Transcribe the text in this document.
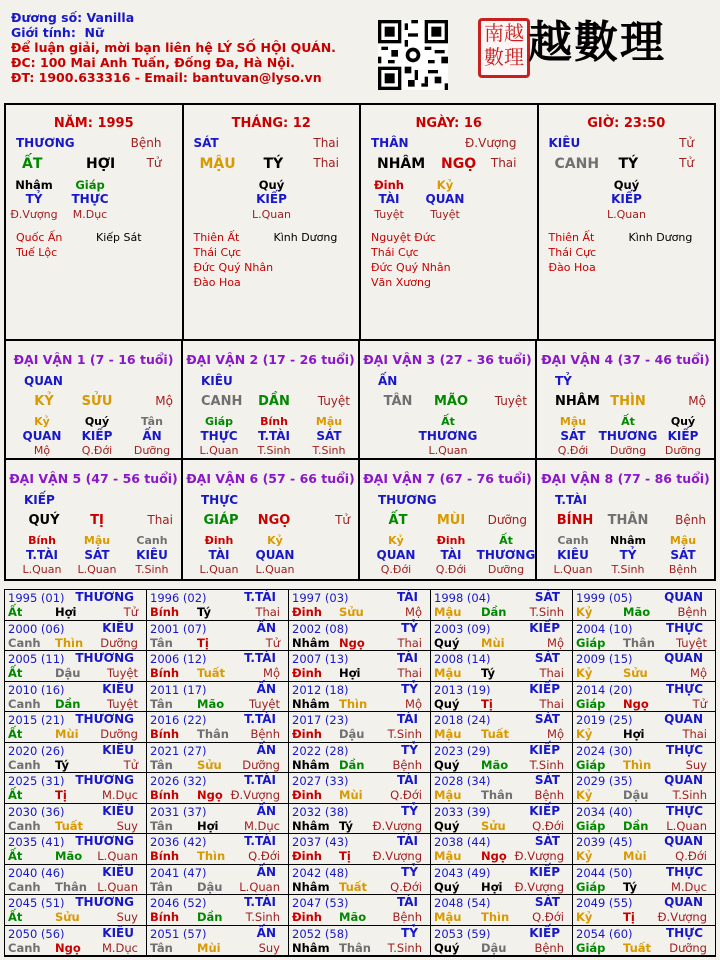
Đương số: Vanilla
Giới tính: Nữ
Để luận giải, mời bạn liên hệ LÝ SỐ HỘI QUÁN.
ĐC: 100 Mai Anh Tuấn, Đống Đa, Hà Nội.
ĐT: 1900.633316 - Email: bantuvan@lyso.vn
南越
數理 越數理
NĂM: 1995
THƯƠNG	Bệnh
ẤT	HỢI	Tử
Nhâm
TỶ
Đ.Vượng
Giáp
THỰC
M.Dục
Quốc Ấn	Kiếp Sát
Tuế Lộc
THÁNG: 12
SÁT	Thai
MẬU TÝ	Thai
Quý
KIẾP
L.Quan
Thiên Ất	Kình Dương
Thái Cực
Đức Quý Nhân
Đào Hoa
NGÀY: 16
THÂN	Đ.Vượng
NHÂM NGỌ Thai
Đinh
TÀI
Tuyệt
Kỷ
QUAN
Tuyệt
Nguyệt Đức
Thái Cực
Đức Quý Nhân
Văn Xương
GIỜ: 23:50
KIÊU	Tử
CANH TÝ	Tử
Quý
KIẾP
L.Quan
Thiên Ất	Kình Dương
Thái Cực
Đào Hoa
ĐẠI VẬN 1 (7 - 16 tuổi)
QUAN
KỶ	SỬU	Mộ
Kỷ
QUAN
Mộ
Quý
KIẾP
Q.Đới
Tân
ẤN
Dưỡng
ĐẠI VẬN 2 (17 - 26 tuổi)
KIÊU
CANH	DẦN	Tuyệt
Giáp
THỰC
L.Quan
Bính
T.TÀI
T.Sinh
Mậu
SÁT
T.Sinh
ĐẠI VẬN 3 (27 - 36 tuổi)
ẤN
TÂN	MÃO	Tuyệt
Ất
THƯƠNG
L.Quan
ĐẠI VẬN 4 (37 - 46 tuổi)
TỶ
NHÂM THÌN	Mộ
Mậu
SÁT
Q.Đới
Ất
THƯƠNG
Dưỡng
Quý
KIẾP
Dưỡng
ĐẠI VẬN 5 (47 - 56 tuổi)
KIẾP
QUÝ	TỊ	Thai
Bính
T.TÀI
L.Quan
Mậu
SÁT
L.Quan
Canh
KIÊU
T.Sinh
ĐẠI VẬN 6 (57 - 66 tuổi)
THỰC
GIÁP	NGỌ	Tử
Đinh
TÀI
L.Quan
Kỷ
QUAN
L.Quan
ĐẠI VẬN 7 (67 - 76 tuổi)
THƯƠNG
ẤT	MÙI	Dưỡng
Kỷ
QUAN
Q.Đới
Đinh
TÀI
Q.Đới
Ất
THƯƠNG
Dưỡng
ĐẠI VẬN 8 (77 - 86 tuổi)
T.TÀI
BÍNH	THÂN	Bệnh
Canh
KIÊU
L.Quan
Nhâm
TỶ
T.Sinh
Mậu
SÁT
Bệnh
1995 (01) THƯƠNG
Ất	Hợi	Tử
1996 (02)	T.TÀI
Bính Tý	Thai
1997 (03)	TÀI
Đinh Sửu	Mộ
1998 (04)	SÁT
Mậu Dần T.Sinh
1999 (05)	QUAN
Kỷ	Mão Bệnh
2000 (06)	KIÊU
Canh Thìn Dưỡng
2001 (07)	ẤN
Tân Tị	Tử
2002 (08)	TỶ
Nhâm Ngọ	Thai
2003 (09)	KIẾP
Quý Mùi	Mộ
2004 (10)	THỰC
Giáp Thân Tuyệt
2005 (11) THƯƠNG
Ất	Dậu Tuyệt
2006 (12)	T.TÀI
Bính Tuất	Mộ
2007 (13)	TÀI
Đinh Hợi	Thai
2008 (14)	SÁT
Mậu Tý	Thai
2009 (15)	QUAN
Kỷ	Sửu	Mộ
2010 (16)	KIÊU
Canh Dần Tuyệt
2011 (17)	ẤN
Tân Mão Tuyệt
2012 (18)	TỶ
Nhâm Thìn	Mộ
2013 (19)	KIẾP
Quý Tị	Thai
2014 (20)	THỰC
Giáp Ngọ	Tử
2015 (21) THƯƠNG
Ất	Mùi Dưỡng
2016 (22)	T.TÀI
Bính Thân Bệnh
2017 (23)	TÀI
Đinh Dậu T.Sinh
2018 (24)	SÁT
Mậu Tuất	Mộ
2019 (25)	QUAN
Kỷ	Hợi	Thai
2020 (26)	KIÊU
Canh Tý	Tử
2021 (27)	ẤN
Tân Sửu Dưỡng
2022 (28)	TỶ
Nhâm Dần Bệnh
2023 (29)	KIẾP
Quý Mão T.Sinh
2024 (30)	THỰC
Giáp Thìn	Suy
2025 (31) THƯƠNG
Ất	Tị	M.Dục
2026 (32)	T.TÀI
Bính Ngọ Đ.Vượng
2027 (33)	TÀI
Đinh Mùi Q.Đới
2028 (34)	SÁT
Mậu Thân Bệnh
2029 (35)	QUAN
Kỷ	Dậu T.Sinh
2030 (36)	KIÊU
Canh Tuất	Suy
2031 (37)	ẤN
Tân Hợi M.Dục
2032 (38)	TỶ
Nhâm Tý Đ.Vượng
2033 (39)	KIẾP
Quý Sửu Q.Đới
2034 (40)	THỰC
Giáp Dần L.Quan
2035 (41) THƯƠNG
Ất	Mão L.Quan
2036 (42)	T.TÀI
Bính Thìn Q.Đới
2037 (43)	TÀI
Đinh Tị Đ.Vượng
2038 (44)	SÁT
Mậu Ngọ Đ.Vượng
2039 (45)	QUAN
Kỷ	Mùi Q.Đới
2040 (46)	KIÊU
Canh Thân L.Quan
2041 (47)	ẤN
Tân Dậu L.Quan
2042 (48)	TỶ
Nhâm Tuất Q.Đới
2043 (49)	KIẾP
Quý Hợi Đ.Vượng
2044 (50)	THỰC
Giáp Tý	M.Dục
2045 (51) THƯƠNG
Ất	Sửu	Suy
2046 (52)	T.TÀI
Bính Dần T.Sinh
2047 (53)	TÀI
Đinh Mão Bệnh
2048 (54)	SÁT
Mậu Thìn Q.Đới
2049 (55)	QUAN
Kỷ	Tị Đ.Vượng
2050 (56)	KIÊU
Canh Ngọ M.Dục
2051 (57)	ẤN
Tân Mùi	Suy
2052 (58)	TỶ
Nhâm Thân T.Sinh
2053 (59)	KIẾP
Quý Dậu Bệnh
2054 (60)	THỰC
Giáp Tuất Dưỡng
